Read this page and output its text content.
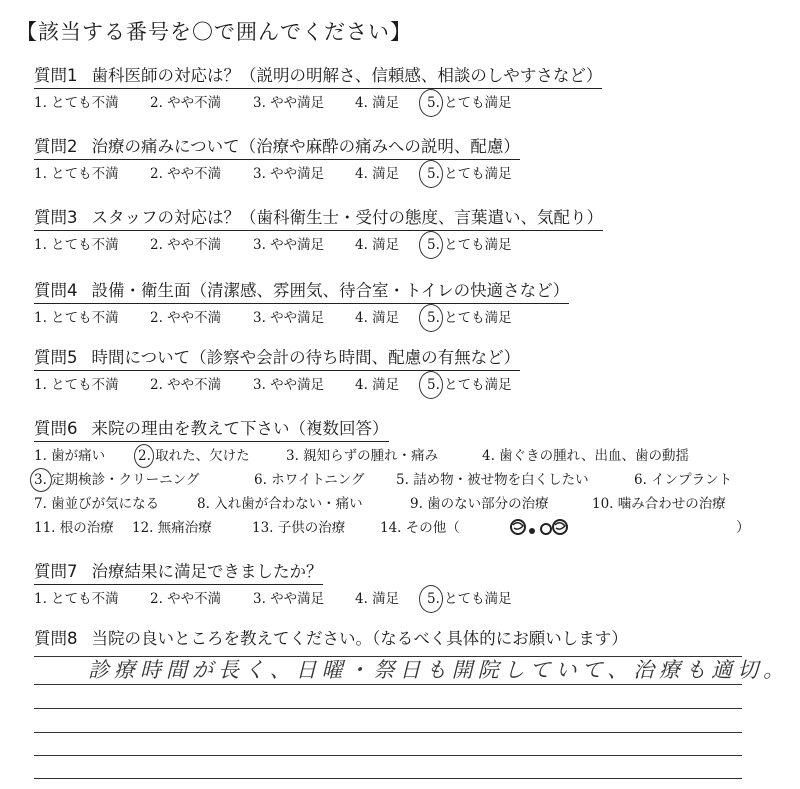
【該当する番号を〇で囲んでください】
質問1 歯科医師の対応は？（説明の明解さ、信頼感、相談のしやすさなど）
1. とても不満 2. やや不満 3. やや満足 4. 満足 5. とても満足
質問2 治療の痛みについて（治療や麻酔の痛みへの説明、配慮）
1. とても不満 2. やや不満 3. やや満足 4. 満足 5. とても満足
質問3 スタッフの対応は？（歯科衛生士・受付の態度、言葉遣い、気配り）
1. とても不満 2. やや不満 3. やや満足 4. 満足 5. とても満足
質問4 設備・衛生面（清潔感、雰囲気、待合室・トイレの快適さなど）
1. とても不満 2. やや不満 3. やや満足 4. 満足 5. とても満足
質問5 時間について（診察や会計の待ち時間、配慮の有無など）
1. とても不満 2. やや不満 3. やや満足 4. 満足 5. とても満足
質問6 来院の理由を教えて下さい（複数回答）
1. 歯が痛い 2. 取れた、欠けた	3. 親知らずの腫れ・痛み	4. 歯ぐきの腫れ、出血、歯の動揺
3. 定期検診・クリーニング	6. ホワイトニング 5. 詰め物・被せ物を白くしたい	6. インプラント
7. 歯並びが気になる	8. 入れ歯が合わない・痛い	9. 歯のない部分の治療	10. 噛み合わせの治療
11. 根の治療 12. 無痛治療	13. 子供の治療	14. その他（	）
質問7 治療結果に満足できましたか？
1. とても不満 2. やや不満 3. やや満足 4. 満足 5. とても満足
質問8 当院の良いところを教えてください。（なるべく具体的にお願いします）
診療時間が長く、日曜・祭日も開院していて、治療も適切。
